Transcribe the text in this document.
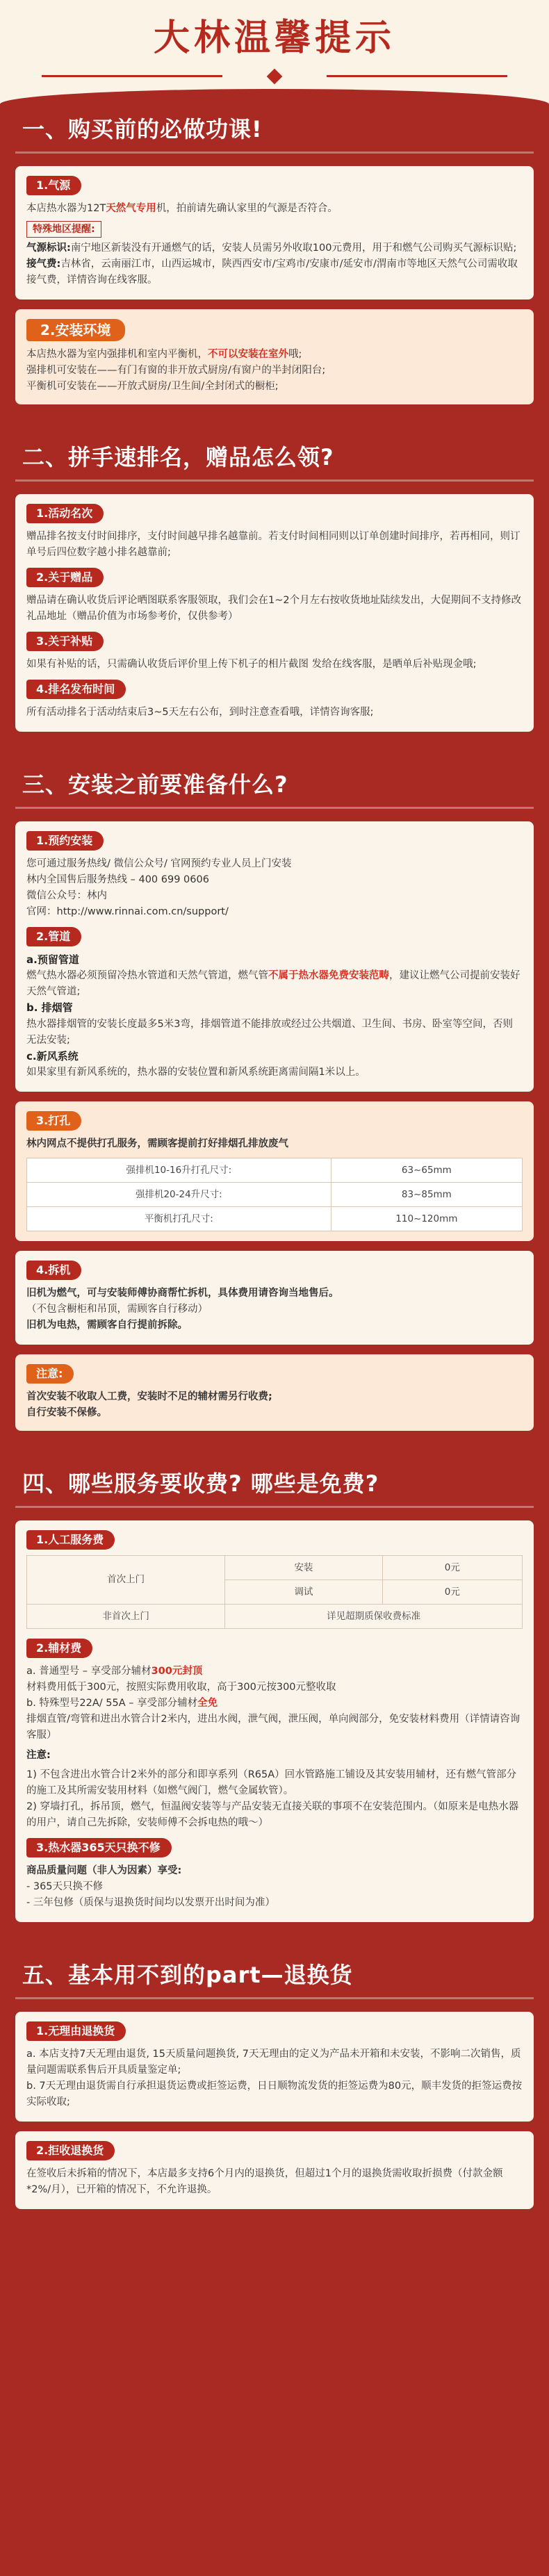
大林温馨提示
一、购买前的必做功课!
1.气源
本店热水器为12T天然气专用机，拍前请先确认家里的气源是否符合。
特殊地区提醒:
气源标识:南宁地区新装没有开通燃气的话，安装人员需另外收取100元费用，用于和燃气公司购买气源标识贴;
接气费:吉林省，云南丽江市，山西运城市，陕西西安市/宝鸡市/安康市/延安市/渭南市等地区天然气公司需收取接气费，详情咨询在线客服。
2.安装环境
本店热水器为室内强排机和室内平衡机，不可以安装在室外哦;
强排机可安装在——有门有窗的非开放式厨房/有窗户的半封闭阳台;
平衡机可安装在——开放式厨房/卫生间/全封闭式的橱柜;
二、拼手速排名，赠品怎么领?
1.活动名次
赠品排名按支付时间排序，支付时间越早排名越靠前。若支付时间相同则以订单创建时间排序，若再相同，则订单号后四位数字越小排名越靠前;
2.关于赠品
赠品请在确认收货后评论晒图联系客服领取，我们会在1~2个月左右按收货地址陆续发出，大促期间不支持修改礼品地址（赠品价值为市场参考价，仅供参考）
3.关于补贴
如果有补贴的话，只需确认收货后评价里上传下机子的相片截图 发给在线客服，是晒单后补贴现金哦;
4.排名发布时间
所有活动排名于活动结束后3~5天左右公布，到时注意查看哦，详情咨询客服;
三、安装之前要准备什么?
1.预约安装
您可通过服务热线/ 微信公众号/ 官网预约专业人员上门安装
林内全国售后服务热线 – 400 699 0606
微信公众号：林内
官网：http://www.rinnai.com.cn/support/
2.管道
a.预留管道
燃气热水器必须预留冷热水管道和天然气管道，燃气管不属于热水器免费安装范畴，建议让燃气公司提前安装好天然气管道;
b. 排烟管
热水器排烟管的安装长度最多5米3弯，排烟管道不能排放或经过公共烟道、卫生间、书房、卧室等空间，否则无法安装;
c.新风系统
如果家里有新风系统的，热水器的安装位置和新风系统距离需间隔1米以上。
3.打孔
林内网点不提供打孔服务，需顾客提前打好排烟孔排放废气
强排机10-16升打孔尺寸:	63~65mm
强排机20-24升尺寸:	83~85mm
平衡机打孔尺寸:	110~120mm
4.拆机
旧机为燃气，可与安装师傅协商帮忙拆机，具体费用请咨询当地售后。
（不包含橱柜和吊顶，需顾客自行移动）
旧机为电热，需顾客自行提前拆除。
注意:
首次安装不收取人工费，安装时不足的辅材需另行收费;
自行安装不保修。
四、哪些服务要收费? 哪些是免费?
1.人工服务费
首次上门	安装	0元
	调试	0元
非首次上门	详见超期质保收费标准	
2.辅材费
a. 普通型号 – 享受部分辅材300元封顶
材料费用低于300元，按照实际费用收取，高于300元按300元整收取
b. 特殊型号22A/ 55A – 享受部分辅材全免
排烟直管/弯管和进出水管合计2米内，进出水阀，泄气阀，泄压阀，单向阀部分，免安装材料费用（详情请咨询客服）
注意:
1) 不包含进出水管合计2米外的部分和即享系列（R65A）回水管路施工铺设及其安装用辅材，还有燃气管部分的施工及其所需安装用材料（如燃气阀门，燃气金属软管）。
2) 穿墙打孔，拆吊顶，燃气，恒温阀安装等与产品安装无直接关联的事项不在安装范围内。（如原来是电热水器的用户，请自己先拆除，安装师傅不会拆电热的哦～）
3.热水器365天只换不修
商品质量问题（非人为因素）享受:
- 365天只换不修
- 三年包修（质保与退换货时间均以发票开出时间为准）
五、基本用不到的part—退换货
1.无理由退换货
a. 本店支持7天无理由退货, 15天质量问题换货, 7天无理由的定义为产品未开箱和未安装，不影响二次销售，质量问题需联系售后开具质量鉴定单;
b. 7天无理由退货需自行承担退货运费或拒签运费，日日顺物流发货的拒签运费为80元，顺丰发货的拒签运费按实际收取;
2.拒收退换货
在签收后未拆箱的情况下，本店最多支持6个月内的退换货，但超过1个月的退换货需收取折损费（付款金额*2%/月），已开箱的情况下，不允许退换。
